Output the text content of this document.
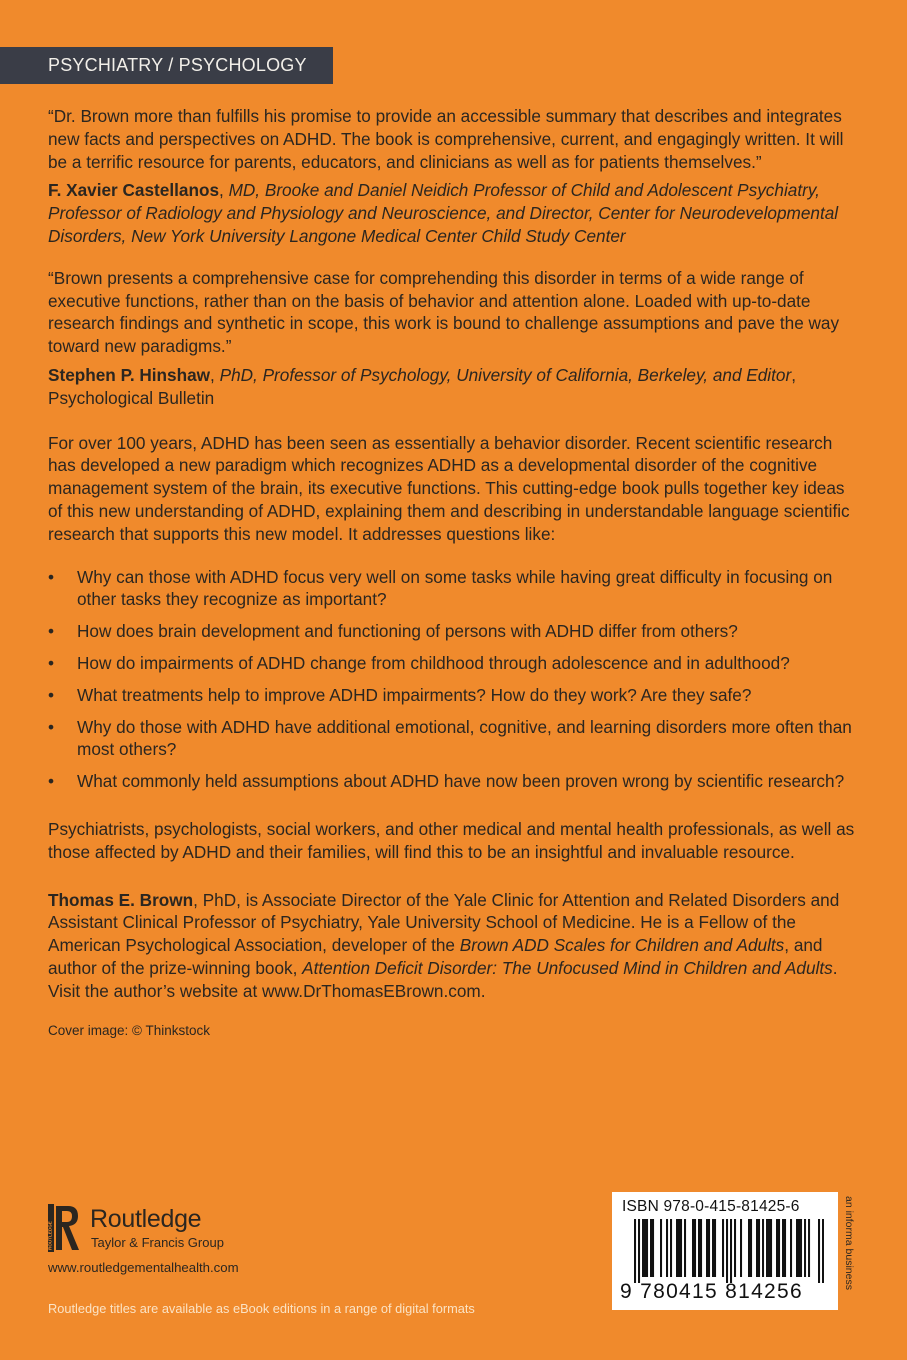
PSYCHIATRY / PSYCHOLOGY

“Dr. Brown more than fulfills his promise to provide an accessible summary that describes and integrates new facts and perspectives on ADHD. The book is comprehensive, current, and engagingly written. It will be a terrific resource for parents, educators, and clinicians as well as for patients themselves.”

F. Xavier Castellanos, MD, Brooke and Daniel Neidich Professor of Child and Adolescent Psychiatry, Professor of Radiology and Physiology and Neuroscience, and Director, Center for Neurodevelopmental Disorders, New York University Langone Medical Center Child Study Center

“Brown presents a comprehensive case for comprehending this disorder in terms of a wide range of executive functions, rather than on the basis of behavior and attention alone. Loaded with up-to-date research findings and synthetic in scope, this work is bound to challenge assumptions and pave the way toward new paradigms.”

Stephen P. Hinshaw, PhD, Professor of Psychology, University of California, Berkeley, and Editor, Psychological Bulletin

For over 100 years, ADHD has been seen as essentially a behavior disorder. Recent scientific research has developed a new paradigm which recognizes ADHD as a developmental disorder of the cognitive management system of the brain, its executive functions. This cutting-edge book pulls together key ideas of this new understanding of ADHD, explaining them and describing in understandable language scientific research that supports this new model. It addresses questions like:

• Why can those with ADHD focus very well on some tasks while having great difficulty in focusing on other tasks they recognize as important?
• How does brain development and functioning of persons with ADHD differ from others?
• How do impairments of ADHD change from childhood through adolescence and in adulthood?
• What treatments help to improve ADHD impairments? How do they work? Are they safe?
• Why do those with ADHD have additional emotional, cognitive, and learning disorders more often than most others?
• What commonly held assumptions about ADHD have now been proven wrong by scientific research?

Psychiatrists, psychologists, social workers, and other medical and mental health professionals, as well as those affected by ADHD and their families, will find this to be an insightful and invaluable resource.

Thomas E. Brown, PhD, is Associate Director of the Yale Clinic for Attention and Related Disorders and Assistant Clinical Professor of Psychiatry, Yale University School of Medicine. He is a Fellow of the American Psychological Association, developer of the Brown ADD Scales for Children and Adults, and author of the prize-winning book, Attention Deficit Disorder: The Unfocused Mind in Children and Adults. Visit the author’s website at www.DrThomasEBrown.com.

Cover image: © Thinkstock

ROUTLEDGE
Routledge
Taylor & Francis Group
www.routledgementalhealth.com
Routledge titles are available as eBook editions in a range of digital formats
ISBN 978-0-415-81425-6
9 780415 814256
an informa business
